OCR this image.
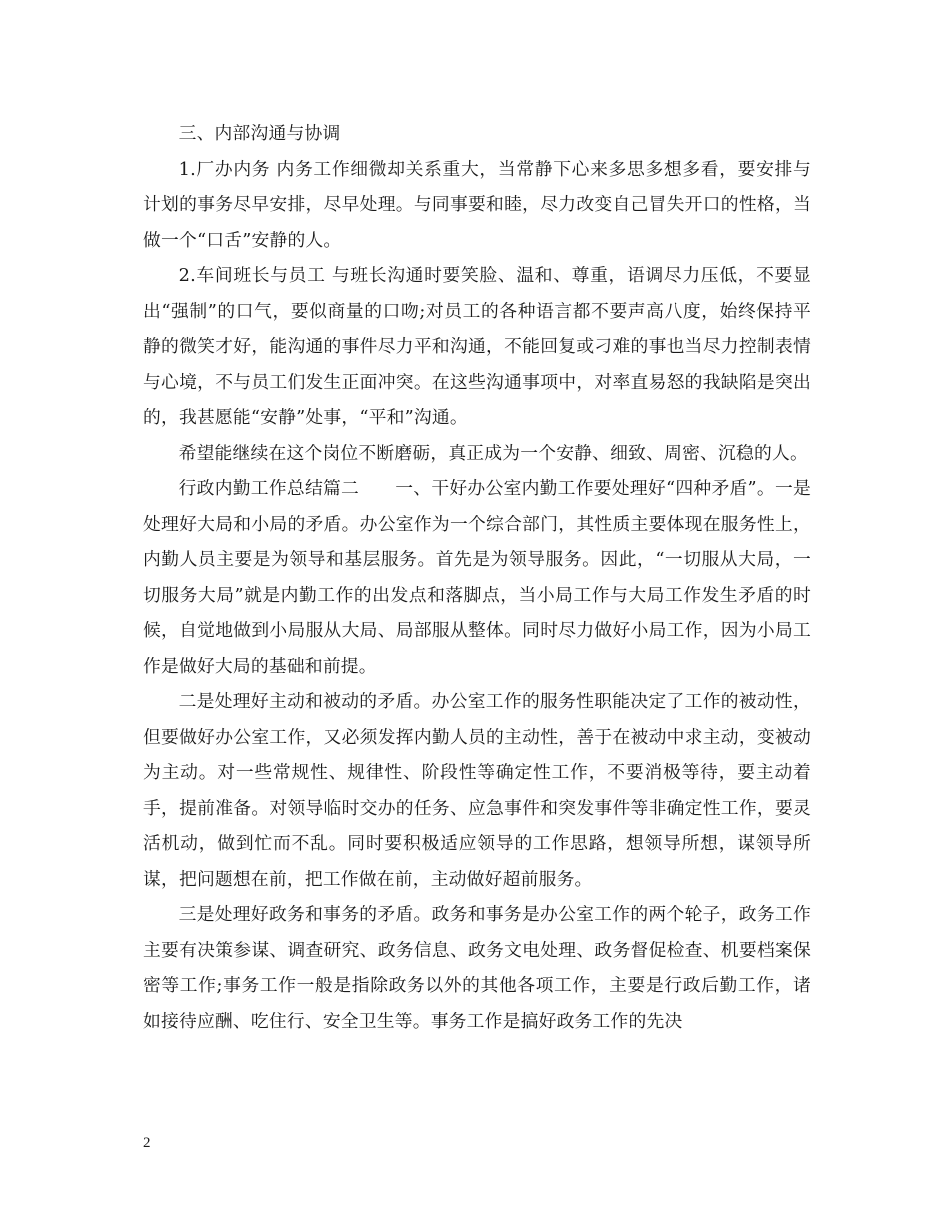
三、内部沟通与协调

1.厂办内务 内务工作细微却关系重大，当常静下心来多思多想多看，要安排与计划的事务尽早安排，尽早处理。与同事要和睦，尽力改变自己冒失开口的性格，当做一个“口舌”安静的人。

2.车间班长与员工 与班长沟通时要笑脸、温和、尊重，语调尽力压低，不要显出“强制”的口气，要似商量的口吻;对员工的各种语言都不要声高八度，始终保持平静的微笑才好，能沟通的事件尽力平和沟通，不能回复或刁难的事也当尽力控制表情与心境，不与员工们发生正面冲突。在这些沟通事项中，对率直易怒的我缺陷是突出的，我甚愿能“安静”处事，“平和”沟通。

希望能继续在这个岗位不断磨砺，真正成为一个安静、细致、周密、沉稳的人。

行政内勤工作总结篇二　　一、干好办公室内勤工作要处理好“四种矛盾”。一是处理好大局和小局的矛盾。办公室作为一个综合部门，其性质主要体现在服务性上，内勤人员主要是为领导和基层服务。首先是为领导服务。因此，“一切服从大局，一切服务大局”就是内勤工作的出发点和落脚点，当小局工作与大局工作发生矛盾的时候，自觉地做到小局服从大局、局部服从整体。同时尽力做好小局工作，因为小局工作是做好大局的基础和前提。

二是处理好主动和被动的矛盾。办公室工作的服务性职能决定了工作的被动性，但要做好办公室工作，又必须发挥内勤人员的主动性，善于在被动中求主动，变被动为主动。对一些常规性、规律性、阶段性等确定性工作，不要消极等待，要主动着手，提前准备。对领导临时交办的任务、应急事件和突发事件等非确定性工作，要灵活机动，做到忙而不乱。同时要积极适应领导的工作思路，想领导所想，谋领导所谋，把问题想在前，把工作做在前，主动做好超前服务。

三是处理好政务和事务的矛盾。政务和事务是办公室工作的两个轮子，政务工作主要有决策参谋、调查研究、政务信息、政务文电处理、政务督促检查、机要档案保密等工作;事务工作一般是指除政务以外的其他各项工作，主要是行政后勤工作，诸如接待应酬、吃住行、安全卫生等。事务工作是搞好政务工作的先决

2
